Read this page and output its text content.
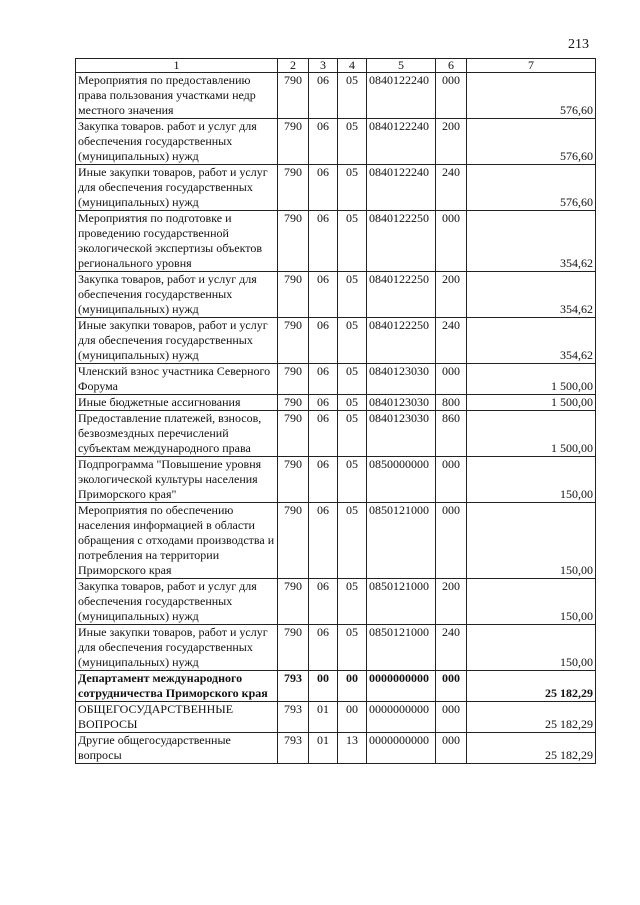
213
1	2	3	4	5	6	7
Мероприятия по предоставлению права пользования участками недр местного значения	790	06	05	0840122240	000	576,60
Закупка товаров. работ и услуг для обеспечения государственных (муниципальных) нужд	790	06	05	0840122240	200	576,60
Иные закупки товаров, работ и услуг для обеспечения государственных (муниципальных) нужд	790	06	05	0840122240	240	576,60
Мероприятия по подготовке и проведению государственной экологической экспертизы объектов регионального уровня	790	06	05	0840122250	000	354,62
Закупка товаров, работ и услуг для обеспечения государственных (муниципальных) нужд	790	06	05	0840122250	200	354,62
Иные закупки товаров, работ и услуг для обеспечения государственных (муниципальных) нужд	790	06	05	0840122250	240	354,62
Членский взнос участника Северного Форума	790	06	05	0840123030	000	1 500,00
Иные бюджетные ассигнования	790	06	05	0840123030	800	1 500,00
Предоставление платежей, взносов, безвозмездных перечислений субъектам международного права	790	06	05	0840123030	860	1 500,00
Подпрограмма "Повышение уровня экологической культуры населения Приморского края"	790	06	05	0850000000	000	150,00
Мероприятия по обеспечению населения информацией в области обращения с отходами производства и потребления на территории Приморского края	790	06	05	0850121000	000	150,00
Закупка товаров, работ и услуг для обеспечения государственных (муниципальных) нужд	790	06	05	0850121000	200	150,00
Иные закупки товаров, работ и услуг для обеспечения государственных (муниципальных) нужд	790	06	05	0850121000	240	150,00
Департамент международного сотрудничества Приморского края	793	00	00	0000000000	000	25 182,29
ОБЩЕГОСУДАРСТВЕННЫЕ ВОПРОСЫ	793	01	00	0000000000	000	25 182,29
Другие общегосударственные вопросы	793	01	13	0000000000	000	25 182,29
